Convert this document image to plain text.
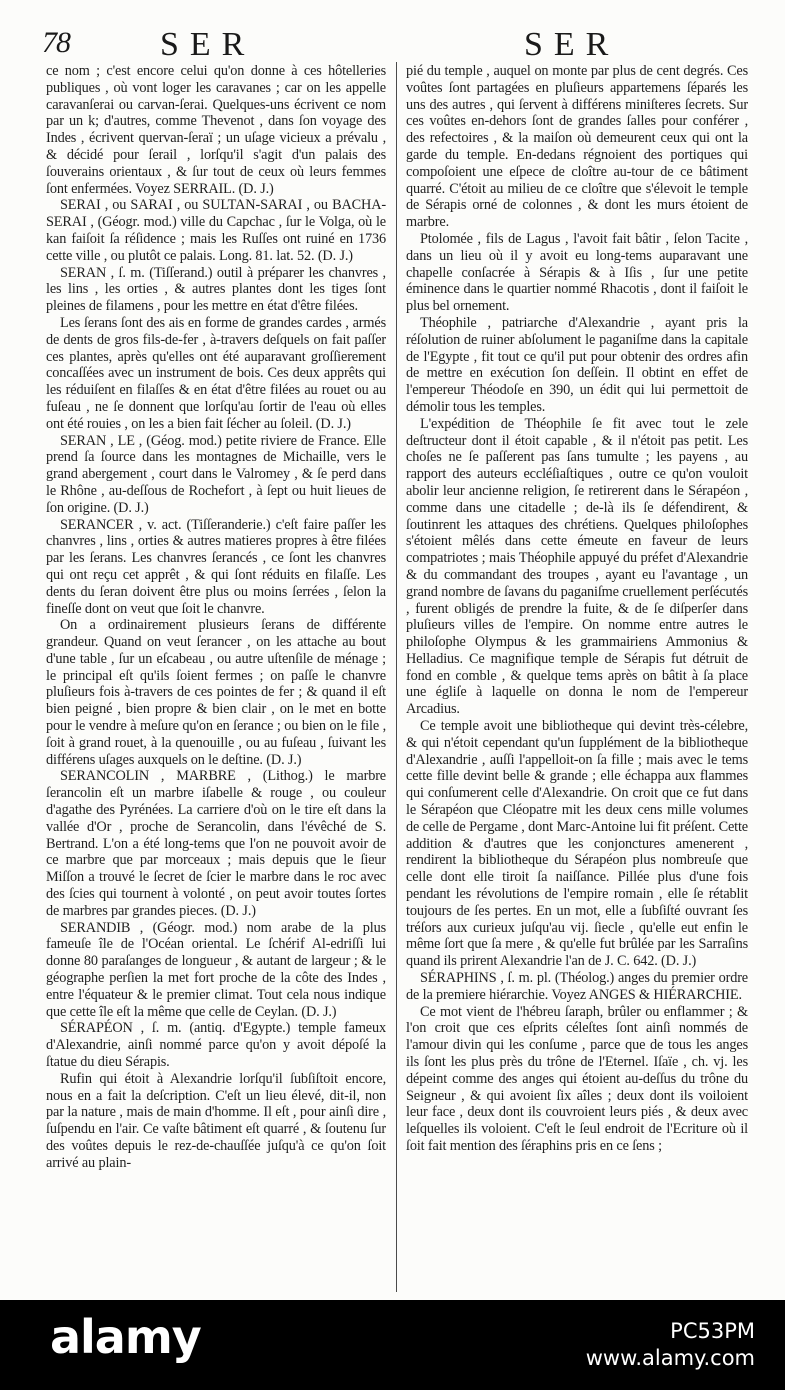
78	SER	SER

ce nom ; c'est encore celui qu'on donne à ces hôtelleries publiques , où vont loger les caravanes ; car on les appelle caravanſerai ou carvan-ſerai. Quelques-uns écrivent ce nom par un k; d'autres, comme Thevenot , dans ſon voyage des Indes , écrivent quervan-ſeraï ; un uſage vicieux a prévalu , & décidé pour ſerail , lorſqu'il s'agit d'un palais des ſouverains orientaux , & ſur tout de ceux où leurs femmes ſont enfermées. Voyez SERRAIL. (D. J.)

SERAI , ou SARAI , ou SULTAN-SARAI , ou BACHA-SERAI , (Géogr. mod.) ville du Capchac , ſur le Volga, où le kan faiſoit ſa réſidence ; mais les Ruſſes ont ruiné en 1736 cette ville , ou plutôt ce palais. Long. 81. lat. 52. (D. J.)

SERAN , ſ. m. (Tiſſerand.) outil à préparer les chanvres , les lins , les orties , & autres plantes dont les tiges ſont pleines de filamens , pour les mettre en état d'être filées.

Les ſerans ſont des ais en forme de grandes cardes , armés de dents de gros fils-de-fer , à-travers deſquels on fait paſſer ces plantes, après qu'elles ont été auparavant groſſierement concaſſées avec un instrument de bois. Ces deux apprêts qui les réduiſent en filaſſes & en état d'être filées au rouet ou au fuſeau , ne ſe donnent que lorſqu'au ſortir de l'eau où elles ont été rouies , on les a bien fait ſécher au ſoleil. (D. J.)

SERAN , LE , (Géog. mod.) petite riviere de France. Elle prend ſa ſource dans les montagnes de Michaille, vers le grand abergement , court dans le Valromey , & ſe perd dans le Rhône , au-deſſous de Rochefort , à ſept ou huit lieues de ſon origine. (D. J.)

SERANCER , v. act. (Tiſſeranderie.) c'eſt faire paſſer les chanvres , lins , orties & autres matieres propres à être filées par les ſerans. Les chanvres ſerancés , ce ſont les chanvres qui ont reçu cet apprêt , & qui ſont réduits en filaſſe. Les dents du ſeran doivent être plus ou moins ſerrées , ſelon la fineſſe dont on veut que ſoit le chanvre.

On a ordinairement plusieurs ſerans de différente grandeur. Quand on veut ſerancer , on les attache au bout d'une table , ſur un eſcabeau , ou autre uſtenſile de ménage ; le principal eſt qu'ils ſoient fermes ; on paſſe le chanvre pluſieurs fois à-travers de ces pointes de fer ; & quand il eſt bien peigné , bien propre & bien clair , on le met en botte pour le vendre à meſure qu'on en ſerance ; ou bien on le file , ſoit à grand rouet, à la quenouille , ou au fuſeau , ſuivant les différens uſages auxquels on le deſtine. (D. J.)

SERANCOLIN , MARBRE , (Lithog.) le marbre ſerancolin eſt un marbre iſabelle & rouge , ou couleur d'agathe des Pyrénées. La carriere d'où on le tire eſt dans la vallée d'Or , proche de Serancolin, dans l'évêché de S. Bertrand. L'on a été long-tems que l'on ne pouvoit avoir de ce marbre que par morceaux ; mais depuis que le ſieur Miſſon a trouvé le ſecret de ſcier le marbre dans le roc avec des ſcies qui tournent à volonté , on peut avoir toutes ſortes de marbres par grandes pieces. (D. J.)

SERANDIB , (Géogr. mod.) nom arabe de la plus fameuſe île de l'Océan oriental. Le ſchérif Al-edriſſi lui donne 80 paraſanges de longueur , & autant de largeur ; & le géographe perſien la met fort proche de la côte des Indes , entre l'équateur & le premier climat. Tout cela nous indique que cette île eſt la même que celle de Ceylan. (D. J.)

SÉRAPÉON , ſ. m. (antiq. d'Egypte.) temple fameux d'Alexandrie, ainſi nommé parce qu'on y avoit dépoſé la ſtatue du dieu Sérapis.

Rufin qui étoit à Alexandrie lorſqu'il ſubſiſtoit encore, nous en a fait la deſcription. C'eſt un lieu élevé, dit-il, non par la nature , mais de main d'homme. Il eſt , pour ainſi dire , ſuſpendu en l'air. Ce vaſte bâtiment eſt quarré , & ſoutenu ſur des voûtes depuis le rez-de-chauſſée juſqu'à ce qu'on ſoit arrivé au plain-

pié du temple , auquel on monte par plus de cent degrés. Ces voûtes ſont partagées en pluſieurs appartemens ſéparés les uns des autres , qui ſervent à différens miniſteres ſecrets. Sur ces voûtes en-dehors ſont de grandes ſalles pour conférer , des refectoires , & la maiſon où demeurent ceux qui ont la garde du temple. En-dedans régnoient des portiques qui compoſoient une eſpece de cloître au-tour de ce bâtiment quarré. C'étoit au milieu de ce cloître que s'élevoit le temple de Sérapis orné de colonnes , & dont les murs étoient de marbre.

Ptolomée , fils de Lagus , l'avoit fait bâtir , ſelon Tacite , dans un lieu où il y avoit eu long-tems auparavant une chapelle conſacrée à Sérapis & à Iſis , ſur une petite éminence dans le quartier nommé Rhacotis , dont il faiſoit le plus bel ornement.

Théophile , patriarche d'Alexandrie , ayant pris la réſolution de ruiner abſolument le paganiſme dans la capitale de l'Egypte , fit tout ce qu'il put pour obtenir des ordres afin de mettre en exécution ſon deſſein. Il obtint en effet de l'empereur Théodoſe en 390, un édit qui lui permettoit de démolir tous les temples.

L'expédition de Théophile ſe fit avec tout le zele deſtructeur dont il étoit capable , & il n'étoit pas petit. Les choſes ne ſe paſſerent pas ſans tumulte ; les payens , au rapport des auteurs eccléſiaſtiques , outre ce qu'on vouloit abolir leur ancienne religion, ſe retirerent dans le Sérapéon , comme dans une citadelle ; de-là ils ſe défendirent, & ſoutinrent les attaques des chrétiens. Quelques philoſophes s'étoient mêlés dans cette émeute en faveur de leurs compatriotes ; mais Théophile appuyé du préfet d'Alexandrie & du commandant des troupes , ayant eu l'avantage , un grand nombre de ſavans du paganiſme cruellement perſécutés , furent obligés de prendre la fuite, & de ſe diſperſer dans pluſieurs villes de l'empire. On nomme entre autres le philoſophe Olympus & les grammairiens Ammonius & Helladius. Ce magnifique temple de Sérapis fut détruit de fond en comble , & quelque tems après on bâtit à ſa place une égliſe à laquelle on donna le nom de l'empereur Arcadius.

Ce temple avoit une bibliotheque qui devint très-célebre, & qui n'étoit cependant qu'un ſupplément de la bibliotheque d'Alexandrie , auſſi l'appelloit-on ſa fille ; mais avec le tems cette fille devint belle & grande ; elle échappa aux flammes qui conſumerent celle d'Alexandrie. On croit que ce fut dans le Sérapéon que Cléopatre mit les deux cens mille volumes de celle de Pergame , dont Marc-Antoine lui fit préſent. Cette addition & d'autres que les conjonctures amenerent , rendirent la bibliotheque du Sérapéon plus nombreuſe que celle dont elle tiroit ſa naiſſance. Pillée plus d'une fois pendant les révolutions de l'empire romain , elle ſe rétablit toujours de ſes pertes. En un mot, elle a ſubſiſté ouvrant ſes tréſors aux curieux juſqu'au vij. ſiecle , qu'elle eut enfin le même ſort que ſa mere , & qu'elle fut brûlée par les Sarraſins quand ils prirent Alexandrie l'an de J. C. 642. (D. J.)

SÉRAPHINS , ſ. m. pl. (Théolog.) anges du premier ordre de la premiere hiérarchie. Voyez ANGES & HIÉRARCHIE.

Ce mot vient de l'hébreu ſaraph, brûler ou enflammer ; & l'on croit que ces eſprits céleſtes ſont ainſi nommés de l'amour divin qui les conſume , parce que de tous les anges ils ſont les plus près du trône de l'Eternel. Iſaïe , ch. vj. les dépeint comme des anges qui étoient au-deſſus du trône du Seigneur , & qui avoient ſix aîles ; deux dont ils voiloient leur face , deux dont ils couvroient leurs piés , & deux avec leſquelles ils voloient. C'eſt le ſeul endroit de l'Ecriture où il ſoit fait mention des ſéraphins pris en ce ſens ;

alamy	PC53PM
www.alamy.com
